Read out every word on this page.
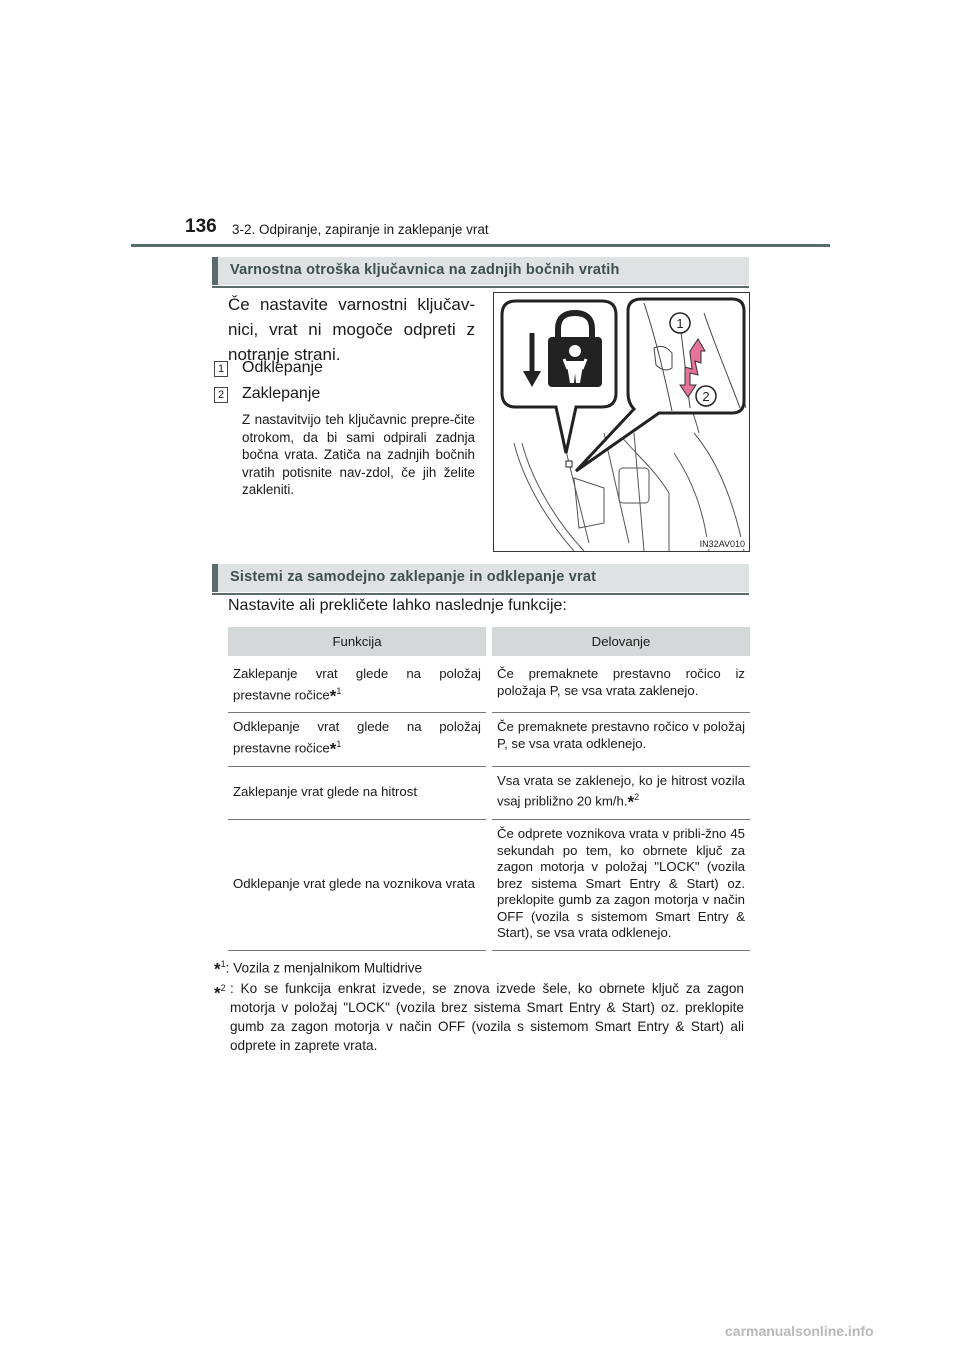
136 3-2. Odpiranje, zapiranje in zaklepanje vrat
Varnostna otroška ključavnica na zadnjih bočnih vratih
Če nastavite varnostni ključav-nici, vrat ni mogoče odpreti z notranje strani.
1 Odklepanje
2 Zaklepanje
Z nastavitvijo teh ključavnic prepre-čite otrokom, da bi sami odpirali zadnja bočna vrata. Zatiča na zadnjih bočnih vratih potisnite nav-zdol, če jih želite zakleniti.
1
2
IN32AV010
Sistemi za samodejno zaklepanje in odklepanje vrat
Nastavite ali prekličete lahko naslednje funkcije:
Funkcija	Delovanje
Zaklepanje vrat glede na položaj prestavne ročice*$^1$	Če premaknete prestavno ročico iz položaja P, se vsa vrata zaklenejo.
Odklepanje vrat glede na položaj prestavne ročice*$^1$	Če premaknete prestavno ročico v položaj P, se vsa vrata odklenejo.
Zaklepanje vrat glede na hitrost	Vsa vrata se zaklenejo, ko je hitrost vozila vsaj približno 20 km/h.*$^2$
Odklepanje vrat glede na voznikova vrata	Če odprete voznikova vrata v pribli-žno 45 sekundah po tem, ko obrnete ključ za zagon motorja v položaj "LOCK" (vozila brez sistema Smart Entry & Start) oz. preklopite gumb za zagon motorja v način OFF (vozila s sistemom Smart Entry & Start), se vsa vrata odklenejo.
*$^1$: Vozila z menjalnikom Multidrive
*$^2$ : Ko se funkcija enkrat izvede, se znova izvede šele, ko obrnete ključ za zagon motorja v položaj "LOCK" (vozila brez sistema Smart Entry & Start) oz. preklopite gumb za zagon motorja v način OFF (vozila s sistemom Smart Entry & Start) ali odprete in zaprete vrata.
carmanualsonline.info
